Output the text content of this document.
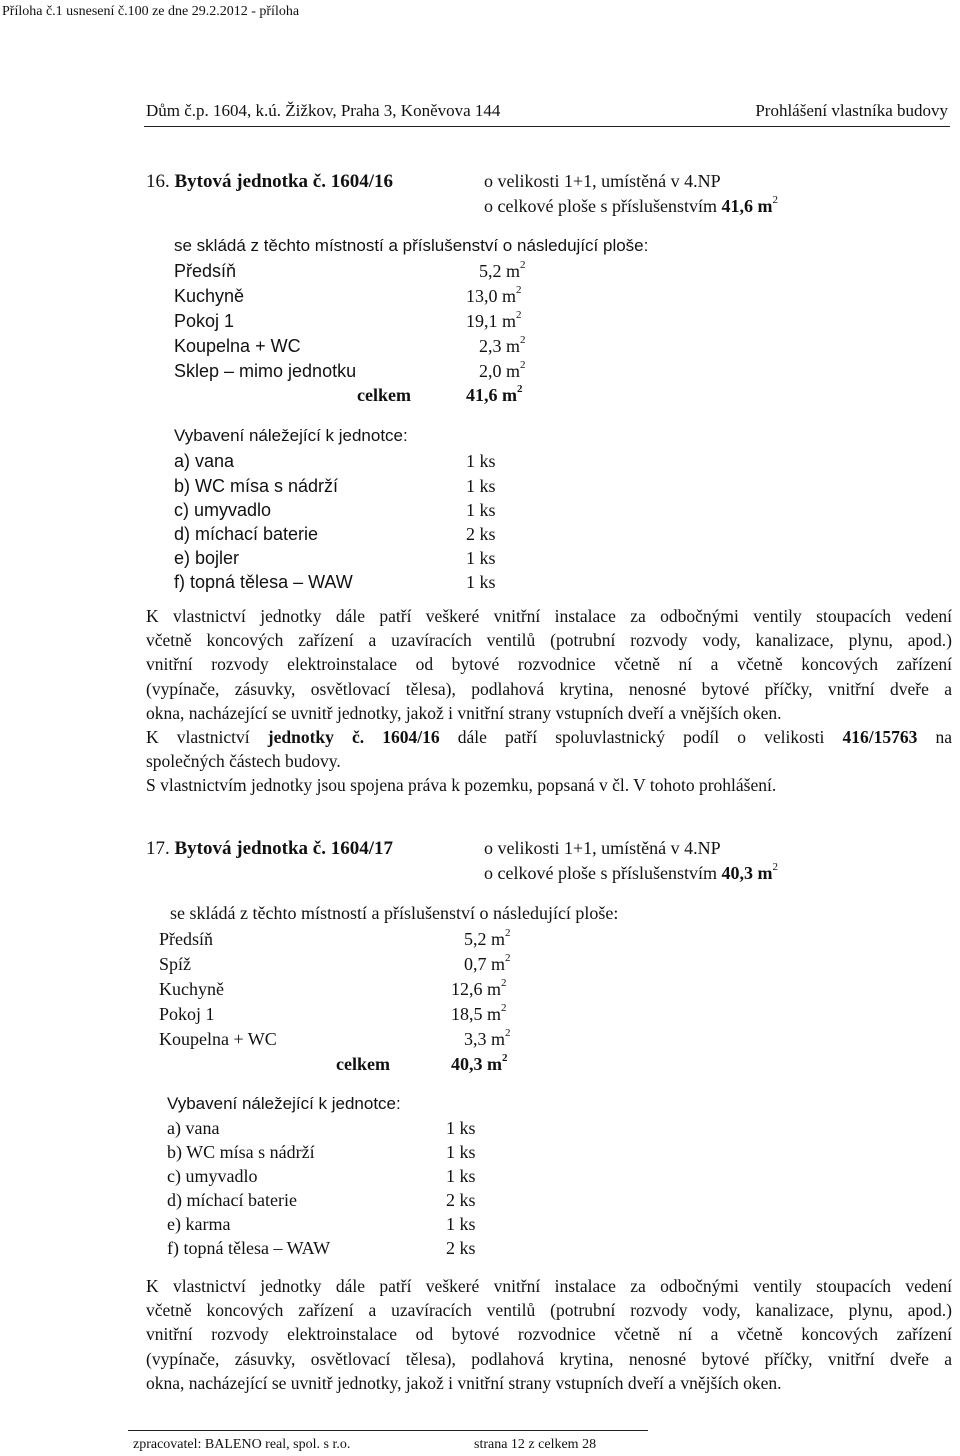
Příloha č.1 usnesení č.100 ze dne 29.2.2012 - příloha
Dům č.p. 1604, k.ú. Žižkov, Praha 3, Koněvova 144	Prohlášení vlastníka budovy
16. Bytová jednotka č. 1604/16	o velikosti 1+1, umístěná v 4.NP
o celkové ploše s příslušenstvím 41,6 $m^2$
se skládá z těchto místností a příslušenství o následující ploše:
Předsíň	5,2 $m^2$
Kuchyně	13,0 $m^2$
Pokoj 1	19,1 $m^2$
Koupelna + WC	2,3 $m^2$
Sklep – mimo jednotku	2,0 $m^2$
celkem	41,6 $m^2$
Vybavení náležející k jednotce:
a) vana	1 ks
b) WC mísa s nádrží	1 ks
c) umyvadlo	1 ks
d) míchací baterie	2 ks
e) bojler	1 ks
f) topná tělesa – WAW	1 ks

K vlastnictví jednotky dále patří veškeré vnitřní instalace za odbočnými ventily stoupacích vedení

včetně koncových zařízení a uzavíracích ventilů (potrubní rozvody vody, kanalizace, plynu, apod.)

vnitřní rozvody elektroinstalace od bytové rozvodnice včetně ní a včetně koncových zařízení

(vypínače, zásuvky, osvětlovací tělesa), podlahová krytina, nenosné bytové příčky, vnitřní dveře a

okna, nacházející se uvnitř jednotky, jakož i vnitřní strany vstupních dveří a vnějších oken.

K vlastnictví jednotky č. 1604/16 dále patří spoluvlastnický podíl o velikosti 416/15763 na

společných částech budovy.

S vlastnictvím jednotky jsou spojena práva k pozemku, popsaná v čl. V tohoto prohlášení.

17. Bytová jednotka č. 1604/17	o velikosti 1+1, umístěná v 4.NP
o celkové ploše s příslušenstvím 40,3 $m^2$
se skládá z těchto místností a příslušenství o následující ploše:
Předsíň	5,2 $m^2$
Spíž	0,7 $m^2$
Kuchyně	12,6 $m^2$
Pokoj 1	18,5 $m^2$
Koupelna + WC	3,3 $m^2$
celkem	40,3 $m^2$
Vybavení náležející k jednotce:
a) vana	1 ks
b) WC mísa s nádrží	1 ks
c) umyvadlo	1 ks
d) míchací baterie	2 ks
e) karma	1 ks
f) topná tělesa – WAW	2 ks

K vlastnictví jednotky dále patří veškeré vnitřní instalace za odbočnými ventily stoupacích vedení

včetně koncových zařízení a uzavíracích ventilů (potrubní rozvody vody, kanalizace, plynu, apod.)

vnitřní rozvody elektroinstalace od bytové rozvodnice včetně ní a včetně koncových zařízení

(vypínače, zásuvky, osvětlovací tělesa), podlahová krytina, nenosné bytové příčky, vnitřní dveře a

okna, nacházející se uvnitř jednotky, jakož i vnitřní strany vstupních dveří a vnějších oken.

zpracovatel: BALENO real, spol. s r.o.	strana 12 z celkem 28
